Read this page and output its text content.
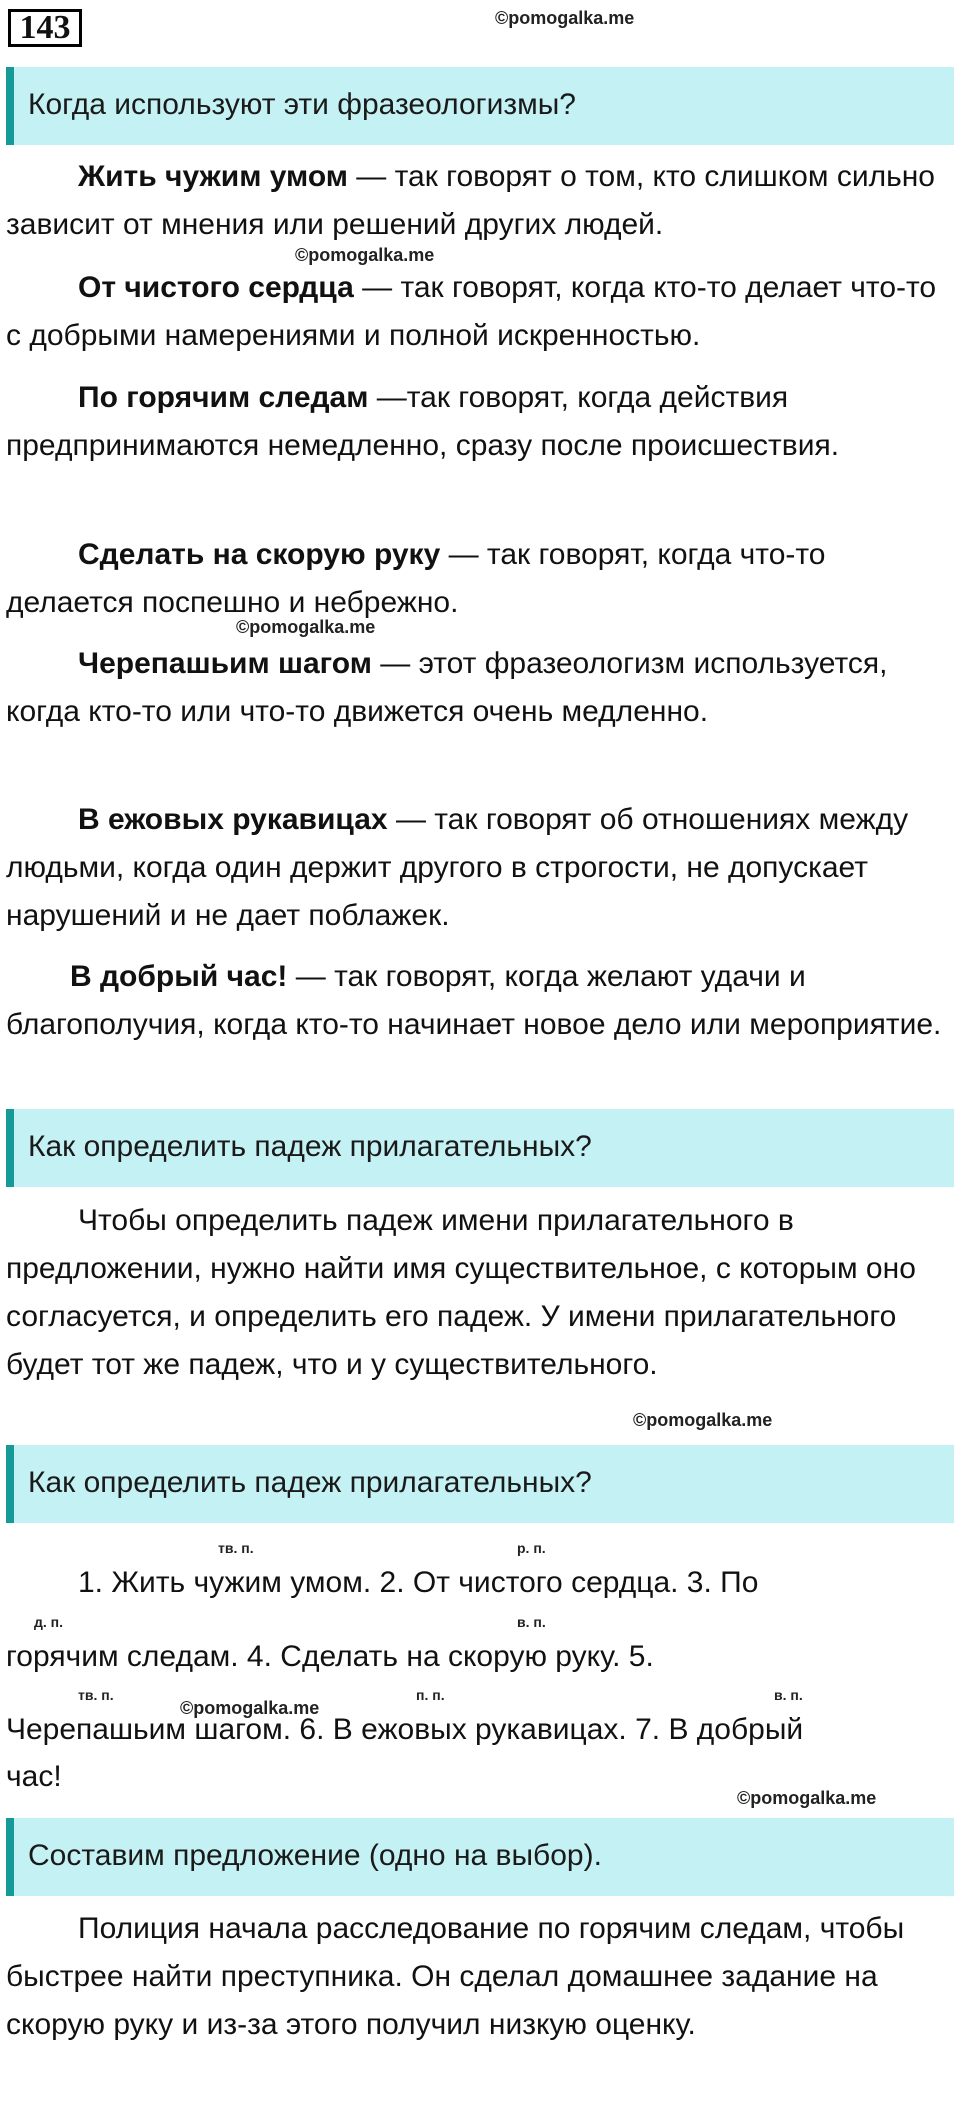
143	©pomogalka.me
Когда используют эти фразеологизмы?

Жить чужим умом — так говорят о том, кто слишком сильно зависит от мнения или решений других людей.

©pomogalka.me

От чистого сердца — так говорят, когда кто-то делает что-то с добрыми намерениями и полной искренностью.

По горячим следам —так говорят, когда действия предпринимаются немедленно, сразу после происшествия.

Сделать на скорую руку — так говорят, когда что-то делается поспешно и небрежно.

©pomogalka.me

Черепашьим шагом — этот фразеологизм используется, когда кто-то или что-то движется очень медленно.

В ежовых рукавицах — так говорят об отношениях между людьми, когда один держит другого в строгости, не допускает нарушений и не дает поблажек.

В добрый час! — так говорят, когда желают удачи и благополучия, когда кто-то начинает новое дело или мероприятие.

Как определить падеж прилагательных?

Чтобы определить падеж имени прилагательного в предложении, нужно найти имя существительное, с которым оно согласуется, и определить его падеж. У имени прилагательного будет тот же падеж, что и у существительного.

©pomogalka.me
Как определить падеж прилагательных?
тв. п.	р. п.
1. Жить чужим умом. 2. От чистого сердца. 3. По
д. п.	в. п.
горячим следам. 4. Сделать на скорую руку. 5.
тв. п.
©pomogalka.me
п. п.	в. п.
Черепашьим шагом. 6. В ежовых рукавицах. 7. В добрый
час!
©pomogalka.me
Составим предложение (одно на выбор).

Полиция начала расследование по горячим следам, чтобы быстрее найти преступника. Он сделал домашнее задание на скорую руку и из-за этого получил низкую оценку.
